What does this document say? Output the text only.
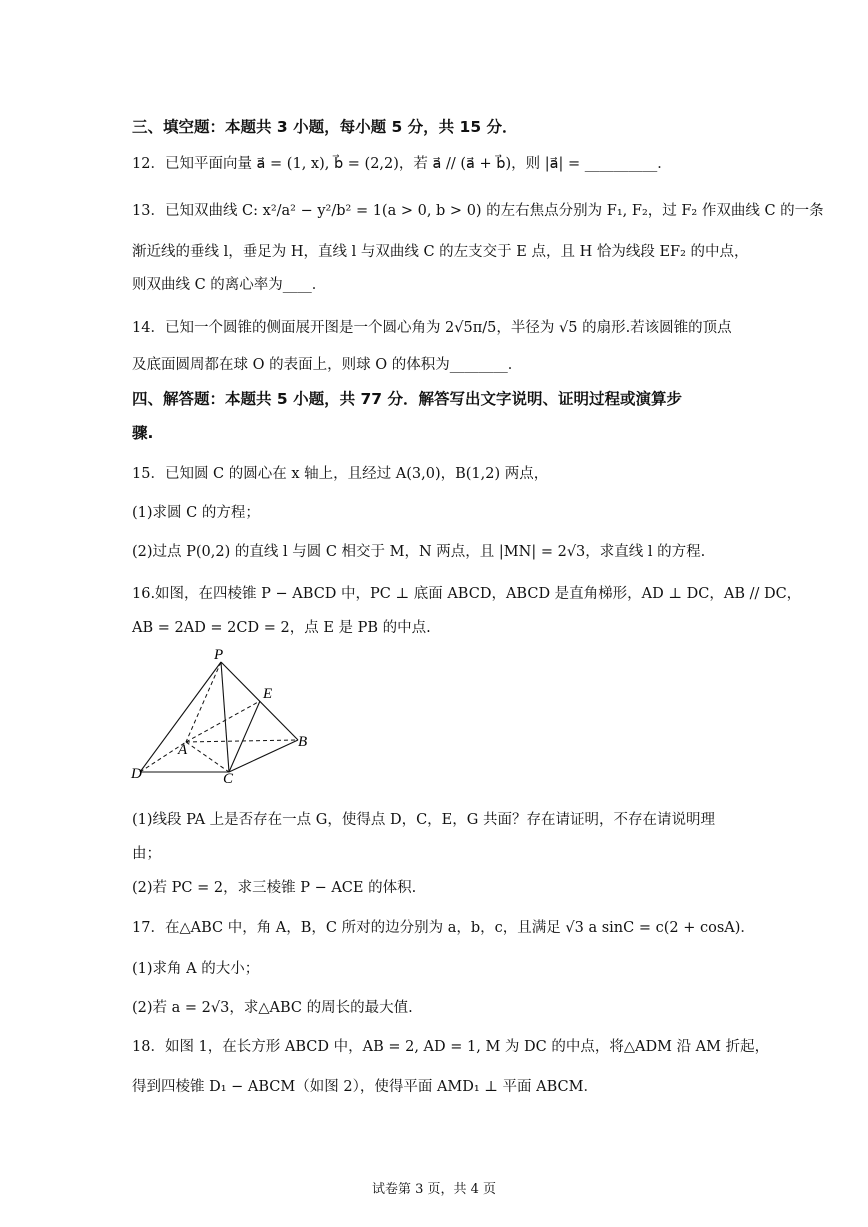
三、填空题：本题共 3 小题，每小题 5 分，共 15 分．
12．已知平面向量 a⃗ = (1, x), b⃗ = (2,2)，若 a⃗ // (a⃗ + b⃗)，则 |a⃗| = __________．
13．已知双曲线 C: x²/a² − y²/b² = 1(a > 0, b > 0) 的左右焦点分别为 F₁, F₂，过 F₂ 作双曲线 C 的一条
渐近线的垂线 l，垂足为 H，直线 l 与双曲线 C 的左支交于 E 点，且 H 恰为线段 EF₂ 的中点，
则双曲线 C 的离心率为____．
14．已知一个圆锥的侧面展开图是一个圆心角为 2√5π/5，半径为 √5 的扇形.若该圆锥的顶点
及底面圆周都在球 O 的表面上，则球 O 的体积为________．
四、解答题：本题共 5 小题，共 77 分．解答写出文字说明、证明过程或演算步
骤.
15．已知圆 C 的圆心在 x 轴上，且经过 A(3,0)，B(1,2) 两点，
(1)求圆 C 的方程；
(2)过点 P(0,2) 的直线 l 与圆 C 相交于 M，N 两点，且 |MN| = 2√3，求直线 l 的方程.
16.如图，在四棱锥 P − ABCD 中，PC ⊥ 底面 ABCD，ABCD 是直角梯形，AD ⊥ DC，AB // DC，
AB = 2AD = 2CD = 2，点 E 是 PB 的中点.
P
E
A	B
D	C
(1)线段 PA 上是否存在一点 G，使得点 D，C，E，G 共面？存在请证明，不存在请说明理
由；
(2)若 PC = 2，求三棱锥 P − ACE 的体积.
17．在△ABC 中，角 A，B，C 所对的边分别为 a，b，c，且满足 √3 a sinC = c(2 + cosA)．
(1)求角 A 的大小；
(2)若 a = 2√3，求△ABC 的周长的最大值.
18．如图 1，在长方形 ABCD 中，AB = 2, AD = 1, M 为 DC 的中点，将△ADM 沿 AM 折起，
得到四棱锥 D₁ − ABCM（如图 2），使得平面 AMD₁ ⊥ 平面 ABCM．
试卷第 3 页，共 4 页
